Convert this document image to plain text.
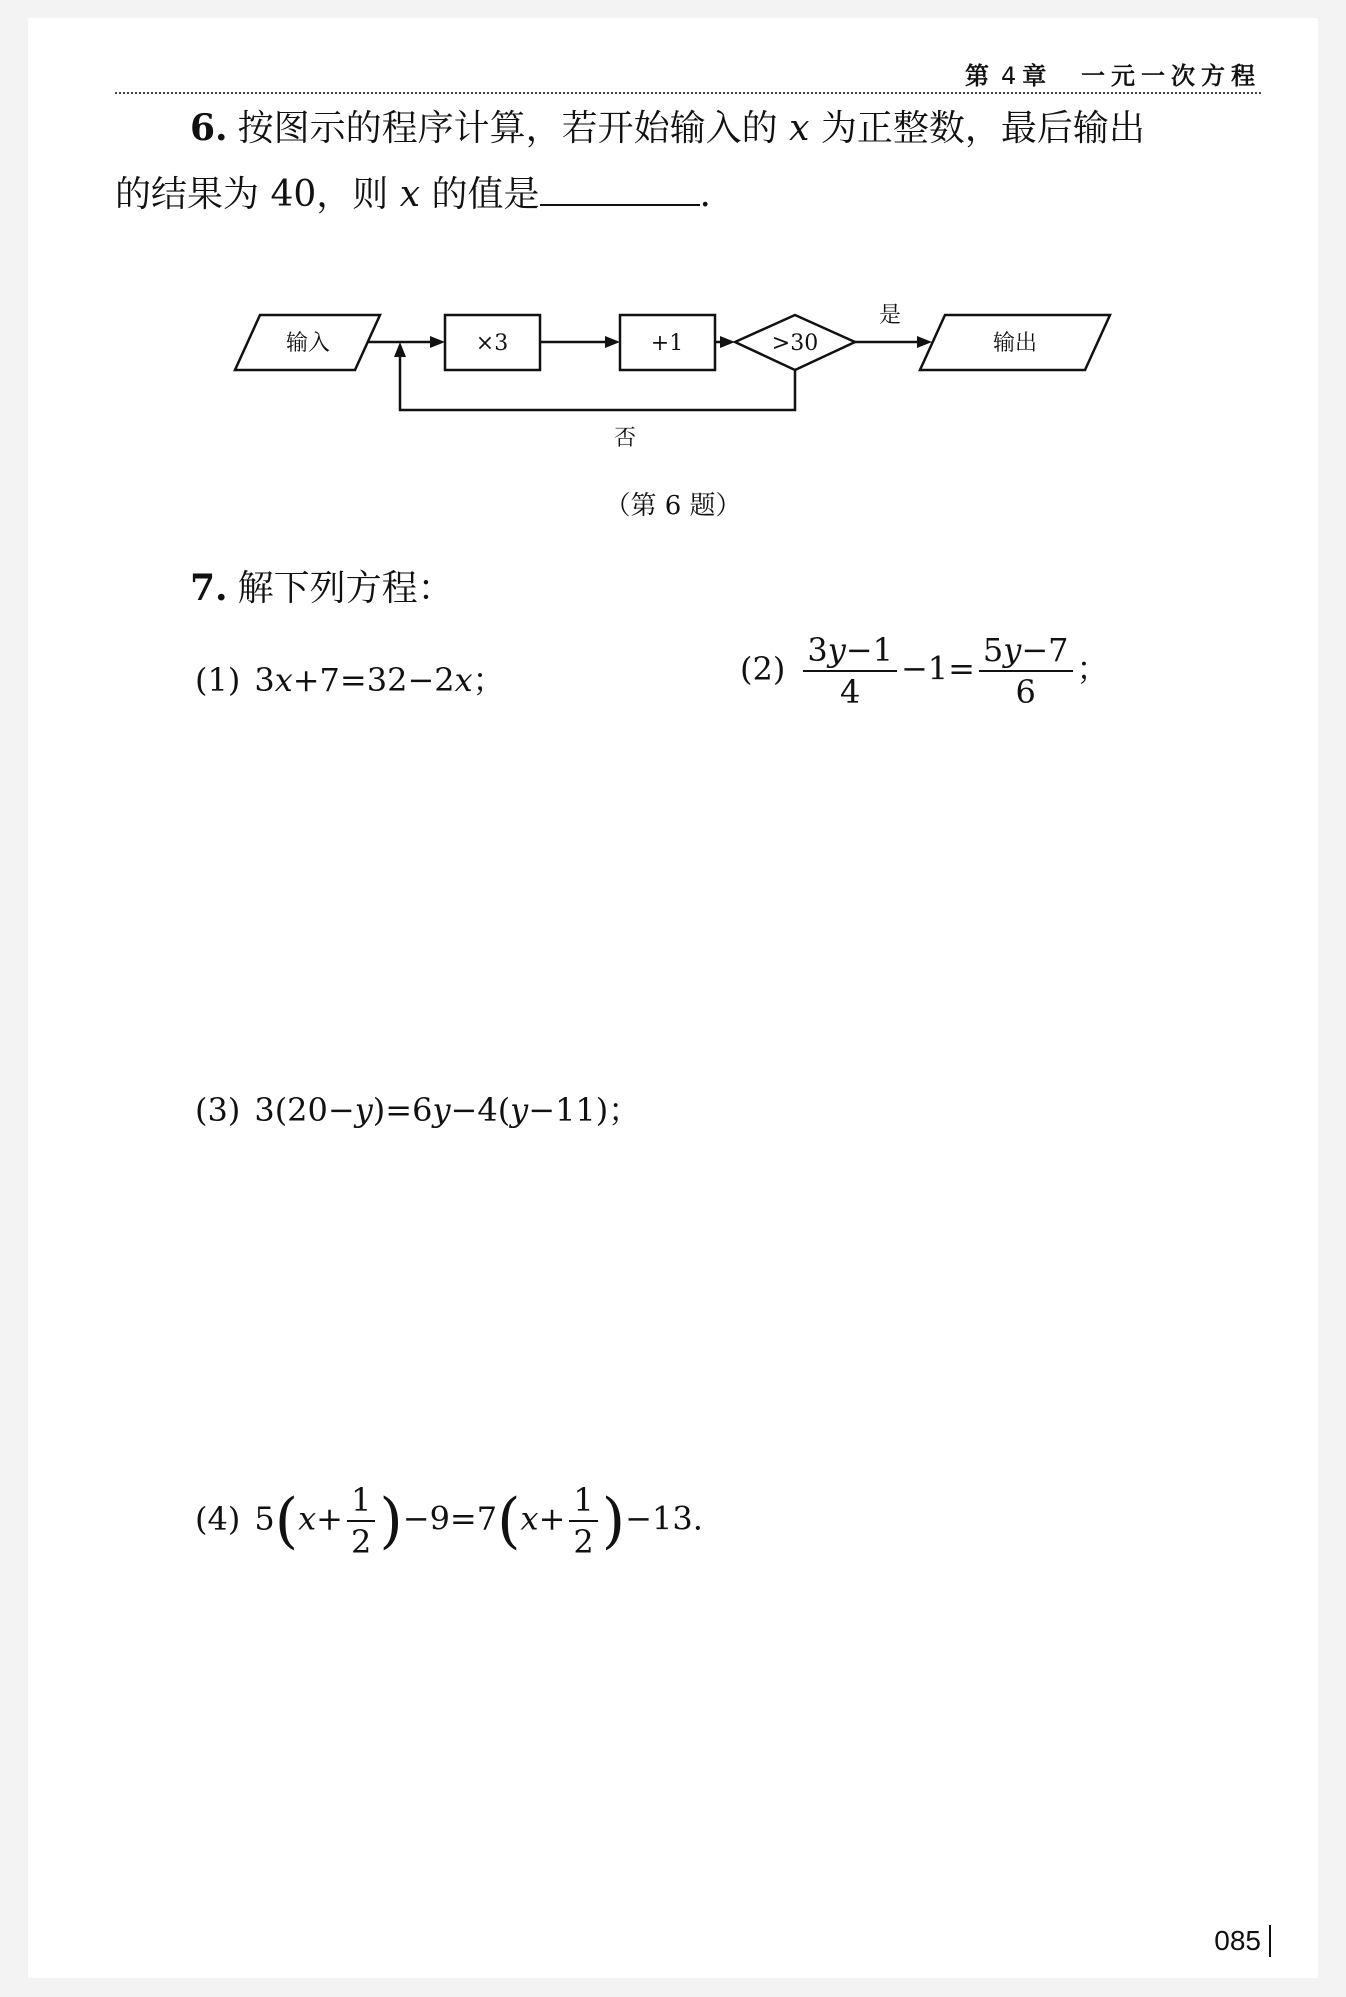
第 4 章 一元一次方程
6. 按图示的程序计算，若开始输入的 x 为正整数，最后输出
的结果为 40，则 x 的值是	.
输入	×3	+1	>30
是
输出
否
（第 6 题）
7. 解下列方程：
(1) 3x+7=32−2x；	$(2) \frac{3y-1}{4} -1= \frac{5y-7}{6}$ ；
(3) 3(20−y)=6y−4(y−11)；
(4) $5(x+ \frac{1}{2} )-9=7(x+ \frac{1}{2} )-13$.
085
